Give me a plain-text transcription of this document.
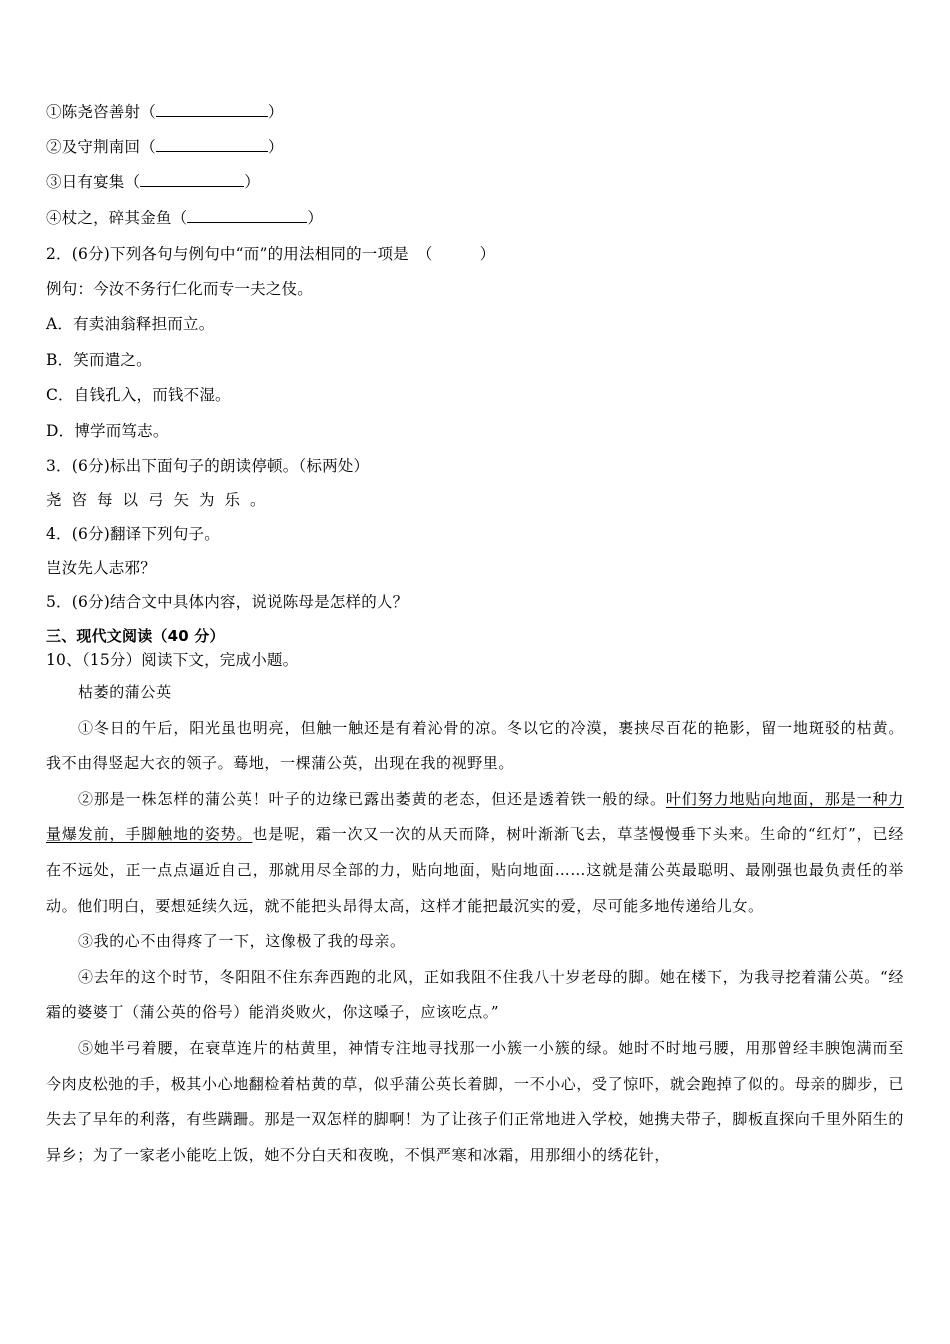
①陈尧咨善射（	）
②及守荆南回（	）
③日有宴集（	）
④杖之，碎其金鱼（	）
2．(6分)下列各句与例句中“而”的用法相同的一项是　（　　　）
例句：今汝不务行仁化而专一夫之伎。
A．有卖油翁释担而立。
B．笑而遣之。
C．自钱孔入，而钱不湿。
D．博学而笃志。
3．(6分)标出下面句子的朗读停顿。（标两处）
尧咨每以弓矢为乐。
4．(6分)翻译下列句子。
岂汝先人志邪？
5．(6分)结合文中具体内容，说说陈母是怎样的人？
三、现代文阅读（40 分）
10、（15分）阅读下文，完成小题。

枯萎的蒲公英

①冬日的午后，阳光虽也明亮，但触一触还是有着沁骨的凉。冬以它的冷漠，裹挟尽百花的艳影，留一地斑驳的枯黄。我不由得竖起大衣的领子。蓦地，一棵蒲公英，出现在我的视野里。

②那是一株怎样的蒲公英！叶子的边缘已露出萎黄的老态，但还是透着铁一般的绿。叶们努力地贴向地面，那是一种力量爆发前，手脚触地的姿势。也是呢，霜一次又一次的从天而降，树叶渐渐飞去，草茎慢慢垂下头来。生命的“红灯”，已经在不远处，正一点点逼近自己，那就用尽全部的力，贴向地面，贴向地面……这就是蒲公英最聪明、最刚强也最负责任的举动。他们明白，要想延续久远，就不能把头昂得太高，这样才能把最沉实的爱，尽可能多地传递给儿女。

③我的心不由得疼了一下，这像极了我的母亲。

④去年的这个时节，冬阳阻不住东奔西跑的北风，正如我阻不住我八十岁老母的脚。她在楼下，为我寻挖着蒲公英。“经霜的婆婆丁（蒲公英的俗号）能消炎败火，你这嗓子，应该吃点。”

⑤她半弓着腰，在衰草连片的枯黄里，神情专注地寻找那一小簇一小簇的绿。她时不时地弓腰，用那曾经丰腴饱满而至今肉皮松弛的手，极其小心地翻检着枯黄的草，似乎蒲公英长着脚，一不小心，受了惊吓，就会跑掉了似的。母亲的脚步，已失去了早年的利落，有些蹒跚。那是一双怎样的脚啊！为了让孩子们正常地进入学校，她携夫带子，脚板直探向千里外陌生的异乡；为了一家老小能吃上饭，她不分白天和夜晚，不惧严寒和冰霜，用那细小的绣花针，
